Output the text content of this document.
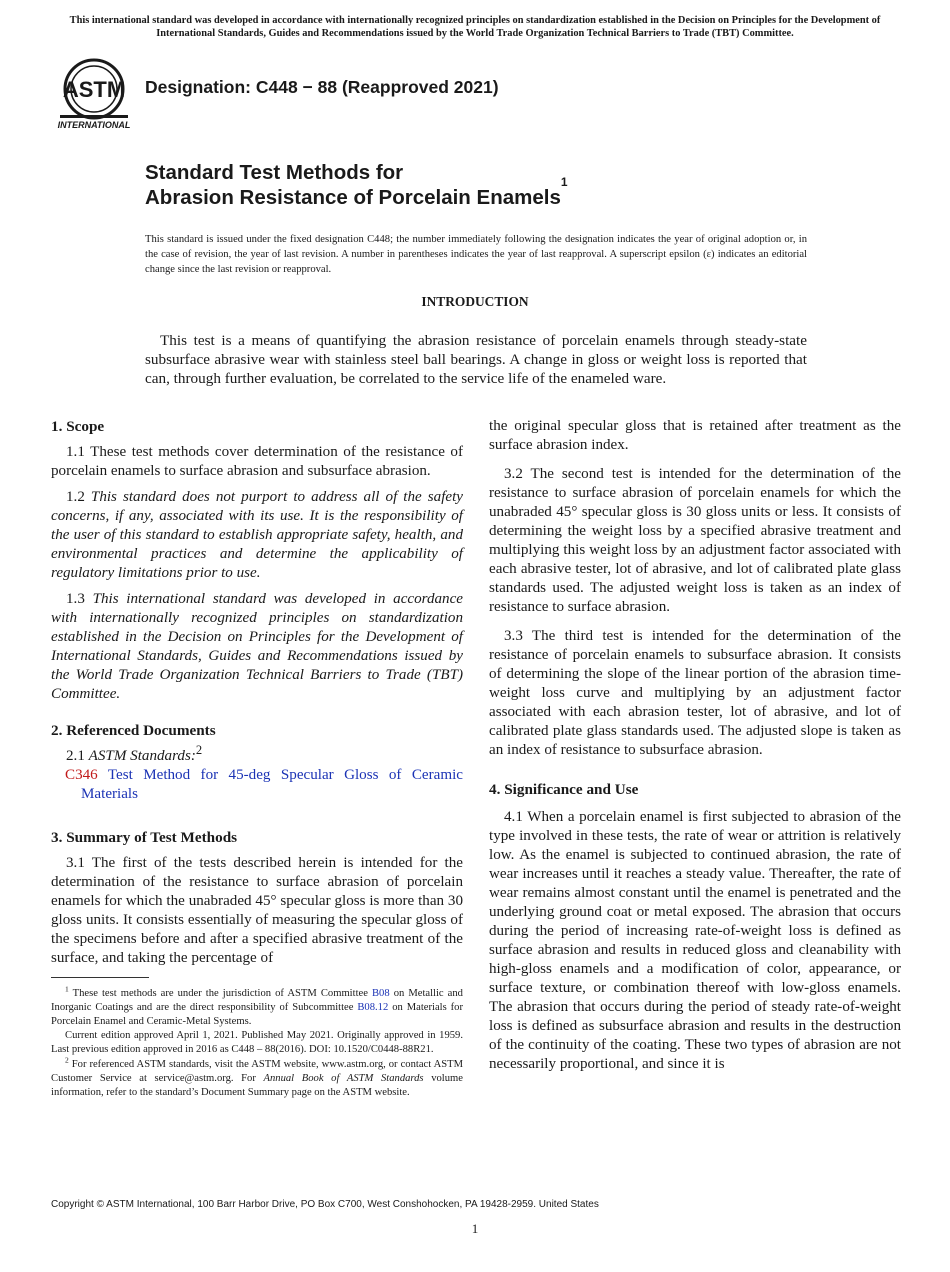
This international standard was developed in accordance with internationally recognized principles on standardization established in the Decision on Principles for the Development of International Standards, Guides and Recommendations issued by the World Trade Organization Technical Barriers to Trade (TBT) Committee.
ASTM
INTERNATIONAL
Designation: C448 − 88 (Reapproved 2021)
Standard Test Methods for
Abrasion Resistance of Porcelain Enamels$^1$
This standard is issued under the fixed designation C448; the number immediately following the designation indicates the year of original adoption or, in the case of revision, the year of last revision. A number in parentheses indicates the year of last reapproval. A superscript epsilon (ε) indicates an editorial change since the last revision or reapproval.
INTRODUCTION

This test is a means of quantifying the abrasion resistance of porcelain enamels through steady-state subsurface abrasive wear with stainless steel ball bearings. A change in gloss or weight loss is reported that can, through further evaluation, be correlated to the service life of the enameled ware.

1. Scope

1.1 These test methods cover determination of the resistance of porcelain enamels to surface abrasion and subsurface abrasion.

1.2 This standard does not purport to address all of the safety concerns, if any, associated with its use. It is the responsibility of the user of this standard to establish appropriate safety, health, and environmental practices and determine the applicability of regulatory limitations prior to use.

1.3 This international standard was developed in accordance with internationally recognized principles on standardization established in the Decision on Principles for the Development of International Standards, Guides and Recommendations issued by the World Trade Organization Technical Barriers to Trade (TBT) Committee.

2. Referenced Documents

2.1 ASTM Standards:$^2$

C346 Test Method for 45-deg Specular Gloss of Ceramic Materials

3. Summary of Test Methods

3.1 The first of the tests described herein is intended for the determination of the resistance to surface abrasion of porcelain enamels for which the unabraded 45° specular gloss is more than 30 gloss units. It consists essentially of measuring the specular gloss of the specimens before and after a specified abrasive treatment of the surface, and taking the percentage of

$^1$ These test methods are under the jurisdiction of ASTM Committee B08 on Metallic and Inorganic Coatings and are the direct responsibility of Subcommittee B08.12 on Materials for Porcelain Enamel and Ceramic-Metal Systems.

Current edition approved April 1, 2021. Published May 2021. Originally approved in 1959. Last previous edition approved in 2016 as C448 – 88(2016). DOI: 10.1520/C0448-88R21.

$^2$ For referenced ASTM standards, visit the ASTM website, www.astm.org, or contact ASTM Customer Service at service@astm.org. For Annual Book of ASTM Standards volume information, refer to the standard’s Document Summary page on the ASTM website.

the original specular gloss that is retained after treatment as the surface abrasion index.

3.2 The second test is intended for the determination of the resistance to surface abrasion of porcelain enamels for which the unabraded 45° specular gloss is 30 gloss units or less. It consists of determining the weight loss by a specified abrasive treatment and multiplying this weight loss by an adjustment factor associated with each abrasive tester, lot of abrasive, and lot of calibrated plate glass standards used. The adjusted weight loss is taken as an index of resistance to surface abrasion.

3.3 The third test is intended for the determination of the resistance of porcelain enamels to subsurface abrasion. It consists of determining the slope of the linear portion of the abrasion time-weight loss curve and multiplying by an adjustment factor associated with each abrasion tester, lot of abrasive, and lot of calibrated plate glass standards used. The adjusted slope is taken as an index of resistance to subsurface abrasion.

4. Significance and Use

4.1 When a porcelain enamel is first subjected to abrasion of the type involved in these tests, the rate of wear or attrition is relatively low. As the enamel is subjected to continued abrasion, the rate of wear increases until it reaches a steady value. Thereafter, the rate of wear remains almost constant until the enamel is penetrated and the underlying ground coat or metal exposed. The abrasion that occurs during the period of increasing rate-of-weight loss is defined as surface abrasion and results in reduced gloss and cleanability with high-gloss enamels and a modification of color, appearance, or surface texture, or combination thereof with low-gloss enamels. The abrasion that occurs during the period of steady rate-of-weight loss is defined as subsurface abrasion and results in the destruction of the continuity of the coating. These two types of abrasion are not necessarily proportional, and since it is

Copyright © ASTM International, 100 Barr Harbor Drive, PO Box C700, West Conshohocken, PA 19428-2959. United States
1
